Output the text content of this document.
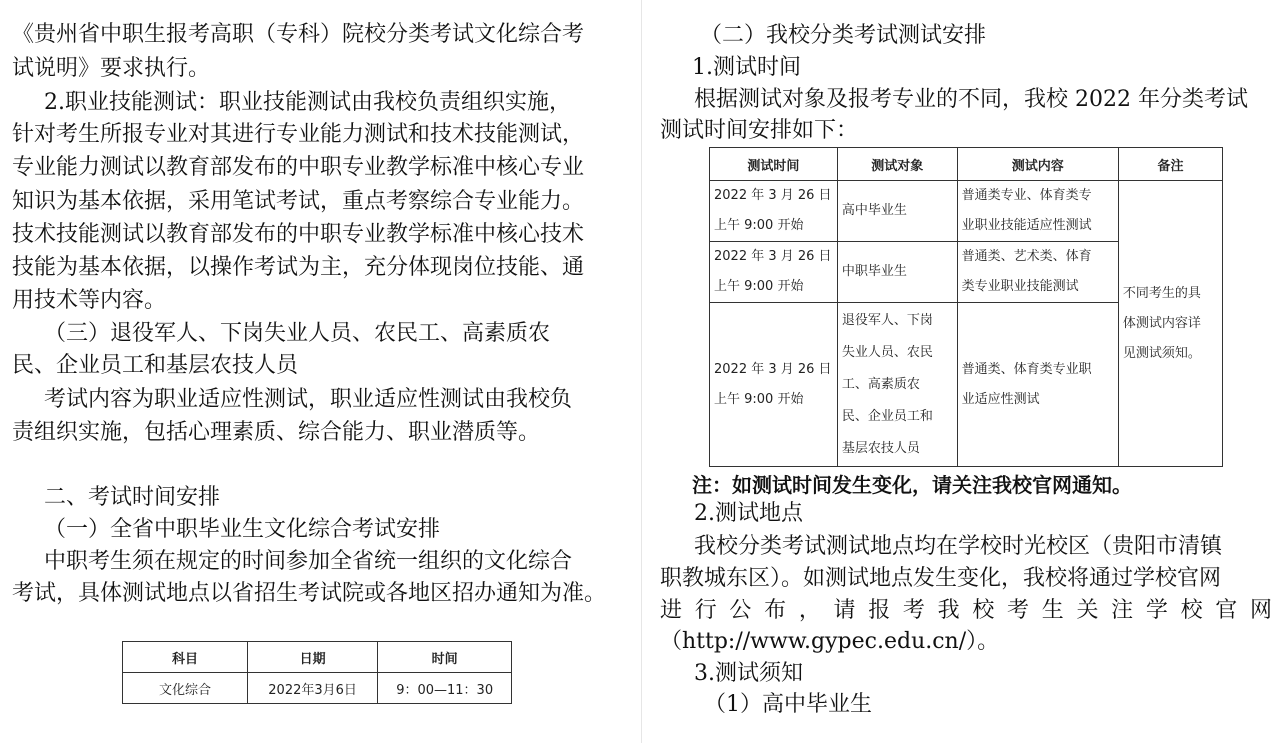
《贵州省中职生报考高职（专科）院校分类考试文化综合考
试说明》要求执行。
2.职业技能测试：职业技能测试由我校负责组织实施，
针对考生所报专业对其进行专业能力测试和技术技能测试，
专业能力测试以教育部发布的中职专业教学标准中核心专业
知识为基本依据，采用笔试考试，重点考察综合专业能力。
技术技能测试以教育部发布的中职专业教学标准中核心技术
技能为基本依据，以操作考试为主，充分体现岗位技能、通
用技术等内容。
（三）退役军人、下岗失业人员、农民工、高素质农
民、企业员工和基层农技人员
考试内容为职业适应性测试，职业适应性测试由我校负
责组织实施，包括心理素质、综合能力、职业潜质等。
二、考试时间安排
（一）全省中职毕业生文化综合考试安排
中职考生须在规定的时间参加全省统一组织的文化综合
考试，具体测试地点以省招生考试院或各地区招办通知为准。
科目	日期	时间
文化综合	2022年3月6日	9：00—11：30
（二）我校分类考试测试安排
1.测试时间
根据测试对象及报考专业的不同，我校 2022 年分类考试
测试时间安排如下：
测试时间	测试对象	测试内容	备注

2022 年 3 月 26 日
上午 9:00 开始	高中毕业生	普通类专业、体育类专
业职业技能适应性测试	不同考生的具
体测试内容详
见测试须知。

2022 年 3 月 26 日
上午 9:00 开始	中职毕业生	普通类、艺术类、体育
类专业职业技能测试	

2022 年 3 月 26 日
上午 9:00 开始	退役军人、下岗
失业人员、农民
工、高素质农
民、企业员工和
基层农技人员	普通类、体育类专业职
业适应性测试	
注：如测试时间发生变化，请关注我校官网通知。
2.测试地点
我校分类考试测试地点均在学校时光校区（贵阳市清镇
职教城东区）。如测试地点发生变化，我校将通过学校官网
进行公布，请报考我校考生关注学校官网
（http://www.gypec.edu.cn/）。
3.测试须知
（1）高中毕业生
